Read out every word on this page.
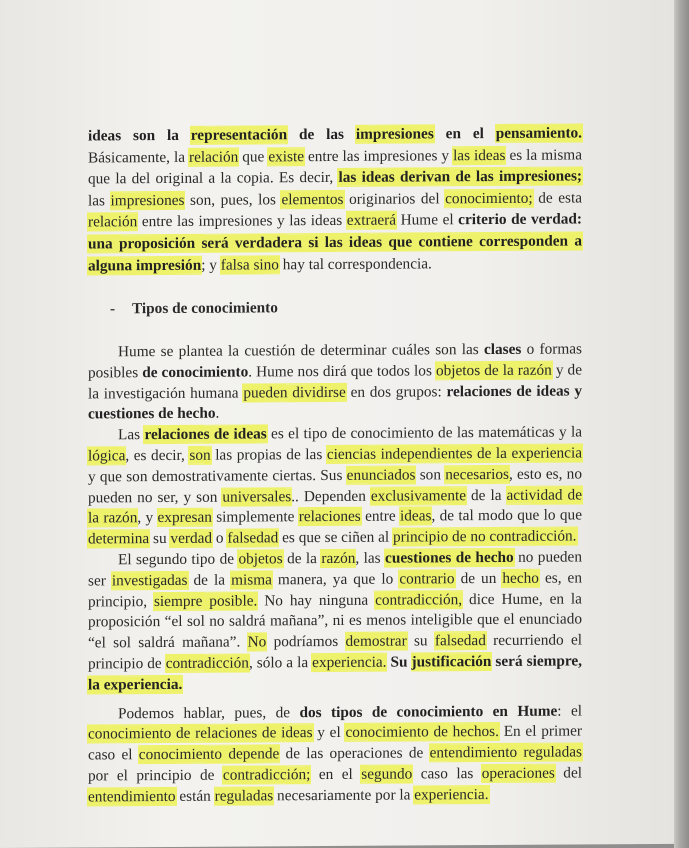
ideas son la representación de las impresiones en el pensamiento.
Básicamente, la relación que existe entre las impresiones y las ideas es la misma
que la del original a la copia. Es decir, las ideas derivan de las impresiones;
las impresiones son, pues, los elementos originarios del conocimiento; de esta
relación entre las impresiones y las ideas extraerá Hume el criterio de verdad:
una proposición será verdadera si las ideas que contiene corresponden a
alguna impresión; y falsa sino hay tal correspondencia.
- Tipos de conocimiento
Hume se plantea la cuestión de determinar cuáles son las clases o formas
posibles de conocimiento. Hume nos dirá que todos los objetos de la razón y de
la investigación humana pueden dividirse en dos grupos: relaciones de ideas y
cuestiones de hecho.
Las relaciones de ideas es el tipo de conocimiento de las matemáticas y la
lógica, es decir, son las propias de las ciencias independientes de la experiencia
y que son demostrativamente ciertas. Sus enunciados son necesarios, esto es, no
pueden no ser, y son universales.. Dependen exclusivamente de la actividad de
la razón, y expresan simplemente relaciones entre ideas, de tal modo que lo que
determina su verdad o falsedad es que se ciñen al principio de no contradicción.
El segundo tipo de objetos de la razón, las cuestiones de hecho no pueden
ser investigadas de la misma manera, ya que lo contrario de un hecho es, en
principio, siempre posible. No hay ninguna contradicción, dice Hume, en la
proposición “el sol no saldrá mañana”, ni es menos inteligible que el enunciado
“el sol saldrá mañana”. No podríamos demostrar su falsedad recurriendo el
principio de contradicción, sólo a la experiencia. Su justificación será siempre,
la experiencia.
Podemos hablar, pues, de dos tipos de conocimiento en Hume: el
conocimiento de relaciones de ideas y el conocimiento de hechos. En el primer
caso el conocimiento depende de las operaciones de entendimiento reguladas
por el principio de contradicción; en el segundo caso las operaciones del
entendimiento están reguladas necesariamente por la experiencia.
